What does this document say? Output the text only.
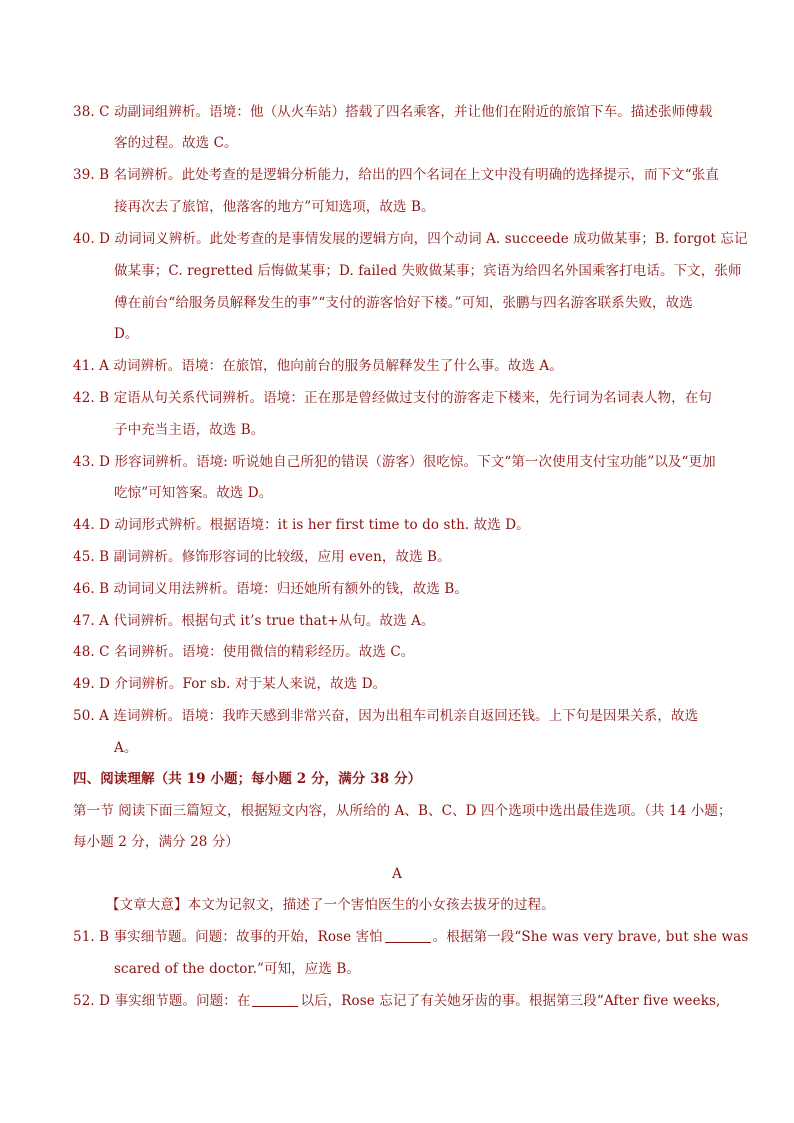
38. C 动副词组辨析。语境：他（从火车站）搭载了四名乘客，并让他们在附近的旅馆下车。描述张师傅载
客的过程。故选 C。
39. B 名词辨析。此处考查的是逻辑分析能力，给出的四个名词在上文中没有明确的选择提示，而下文“张直
接再次去了旅馆，他落客的地方”可知选项，故选 B。
40. D 动词词义辨析。此处考查的是事情发展的逻辑方向，四个动词 A. succeede 成功做某事；B. forgot 忘记
做某事；C. regretted 后悔做某事；D. failed 失败做某事；宾语为给四名外国乘客打电话。下文，张师
傅在前台“给服务员解释发生的事”“支付的游客恰好下楼。”可知，张鹏与四名游客联系失败，故选
D。
41. A 动词辨析。语境：在旅馆，他向前台的服务员解释发生了什么事。故选 A。
42. B 定语从句关系代词辨析。语境：正在那是曾经做过支付的游客走下楼来，先行词为名词表人物，在句
子中充当主语，故选 B。
43. D 形容词辨析。语境: 听说她自己所犯的错误（游客）很吃惊。下文“第一次使用支付宝功能”以及“更加
吃惊”可知答案。故选 D。
44. D 动词形式辨析。根据语境：it is her first time to do sth. 故选 D。
45. B 副词辨析。修饰形容词的比较级，应用 even，故选 B。
46. B 动词词义用法辨析。语境：归还她所有额外的钱，故选 B。
47. A 代词辨析。根据句式 it’s true that+从句。故选 A。
48. C 名词辨析。语境：使用微信的精彩经历。故选 C。
49. D 介词辨析。For sb. 对于某人来说，故选 D。
50. A 连词辨析。语境：我昨天感到非常兴奋，因为出租车司机亲自返回还钱。上下句是因果关系，故选
A。
四、阅读理解（共 19 小题；每小题 2 分，满分 38 分）
第一节 阅读下面三篇短文，根据短文内容，从所给的 A、B、C、D 四个选项中选出最佳选项。（共 14 小题；
每小题 2 分，满分 28 分）
A
【文章大意】本文为记叙文，描述了一个害怕医生的小女孩去拔牙的过程。
51. B 事实细节题。问题：故事的开始，Rose 害怕	。根据第一段“She was very brave, but she was
scared of the doctor.”可知，应选 B。
52. D 事实细节题。问题：在	以后，Rose 忘记了有关她牙齿的事。根据第三段“After five weeks,
